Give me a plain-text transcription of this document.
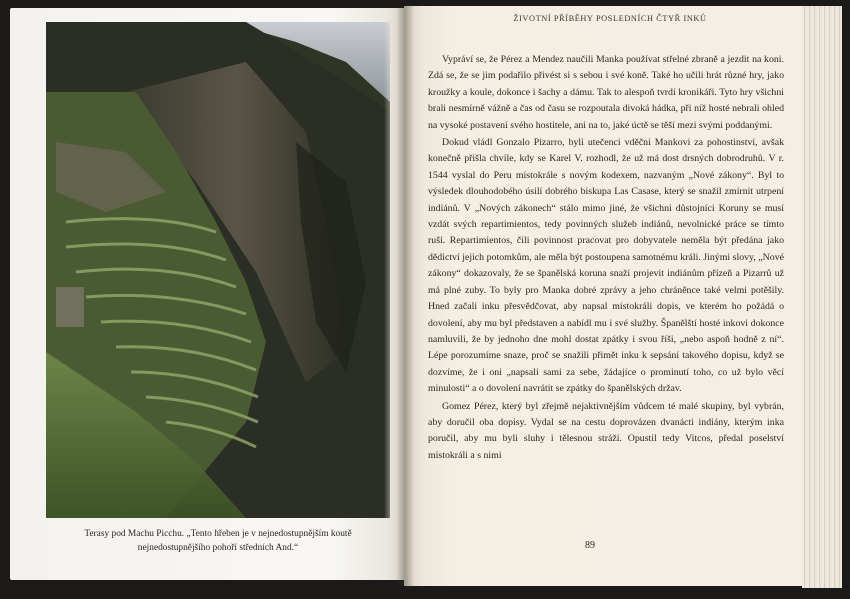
Terasy pod Machu Picchu. „Tento hřeben je v nejnedostupnějším koutě nejnedostupnějšího pohoří středních And.“
ŽIVOTNÍ PŘÍBĚHY POSLEDNÍCH ČTYŘ INKŮ

Vypráví se, že Pérez a Mendez naučili Manka používat střelné zbraně a jezdit na koni. Zdá se, že se jim podařilo přivést si s sebou i své koně. Také ho učili hrát různé hry, jako kroužky a koule, dokonce i šachy a dámu. Tak to alespoň tvrdí kronikáři. Tyto hry všichni brali nesmírně vážně a čas od času se rozpoutala divoká hádka, při níž hosté nebrali ohled na vysoké postavení svého hostitele, ani na to, jaké úctě se těší mezi svými poddanými.

Dokud vládl Gonzalo Pizarro, byli utečenci vděčni Mankovi za pohostinství, avšak konečně přišla chvíle, kdy se Karel V. rozhodl, že už má dost drsných dobrodruhů. V r. 1544 vyslal do Peru místokrále s novým kodexem, nazvaným „Nové zákony“. Byl to výsledek dlouhodobého úsilí dobrého biskupa Las Casase, který se snažil zmírnit utrpení indiánů. V „Nových zákonech“ stálo mimo jiné, že všichni důstojníci Koruny se musí vzdát svých repartimientos, tedy povinných služeb indiánů, nevolnické práce se tímto ruší. Repartimientos, čili povinnost pracovat pro dobyvatele neměla být předána jako dědictví jejich potomkům, ale měla být postoupena samotnému králi. Jinými slovy, „Nové zákony“ dokazovaly, že se španělská koruna snaží projevit indiánům přízeň a Pizarrů už má plné zuby. To byly pro Manka dobré zprávy a jeho chráněnce také velmi potěšily. Hned začali inku přesvědčovat, aby napsal místokráli dopis, ve kterém ho požádá o dovolení, aby mu byl představen a nabídl mu i své služby. Španělští hosté inkovi dokonce namluvili, že by jednoho dne mohl dostat zpátky i svou říši, „nebo aspoň hodně z ní“. Lépe porozumíme snaze, proč se snažili přimět inku k sepsání takového dopisu, když se dozvíme, že i oni „napsali sami za sebe, žádajíce o prominutí toho, co už bylo věcí minulosti“ a o dovolení navrátit se zpátky do španělských držav.

Gomez Pérez, který byl zřejmě nejaktivnějším vůdcem té malé skupiny, byl vybrán, aby doručil oba dopisy. Vydal se na cestu doprovázen dvanácti indiány, kterým inka poručil, aby mu byli sluhy i tělesnou stráží. Opustil tedy Vitcos, předal poselství místokráli a s nimi

89
